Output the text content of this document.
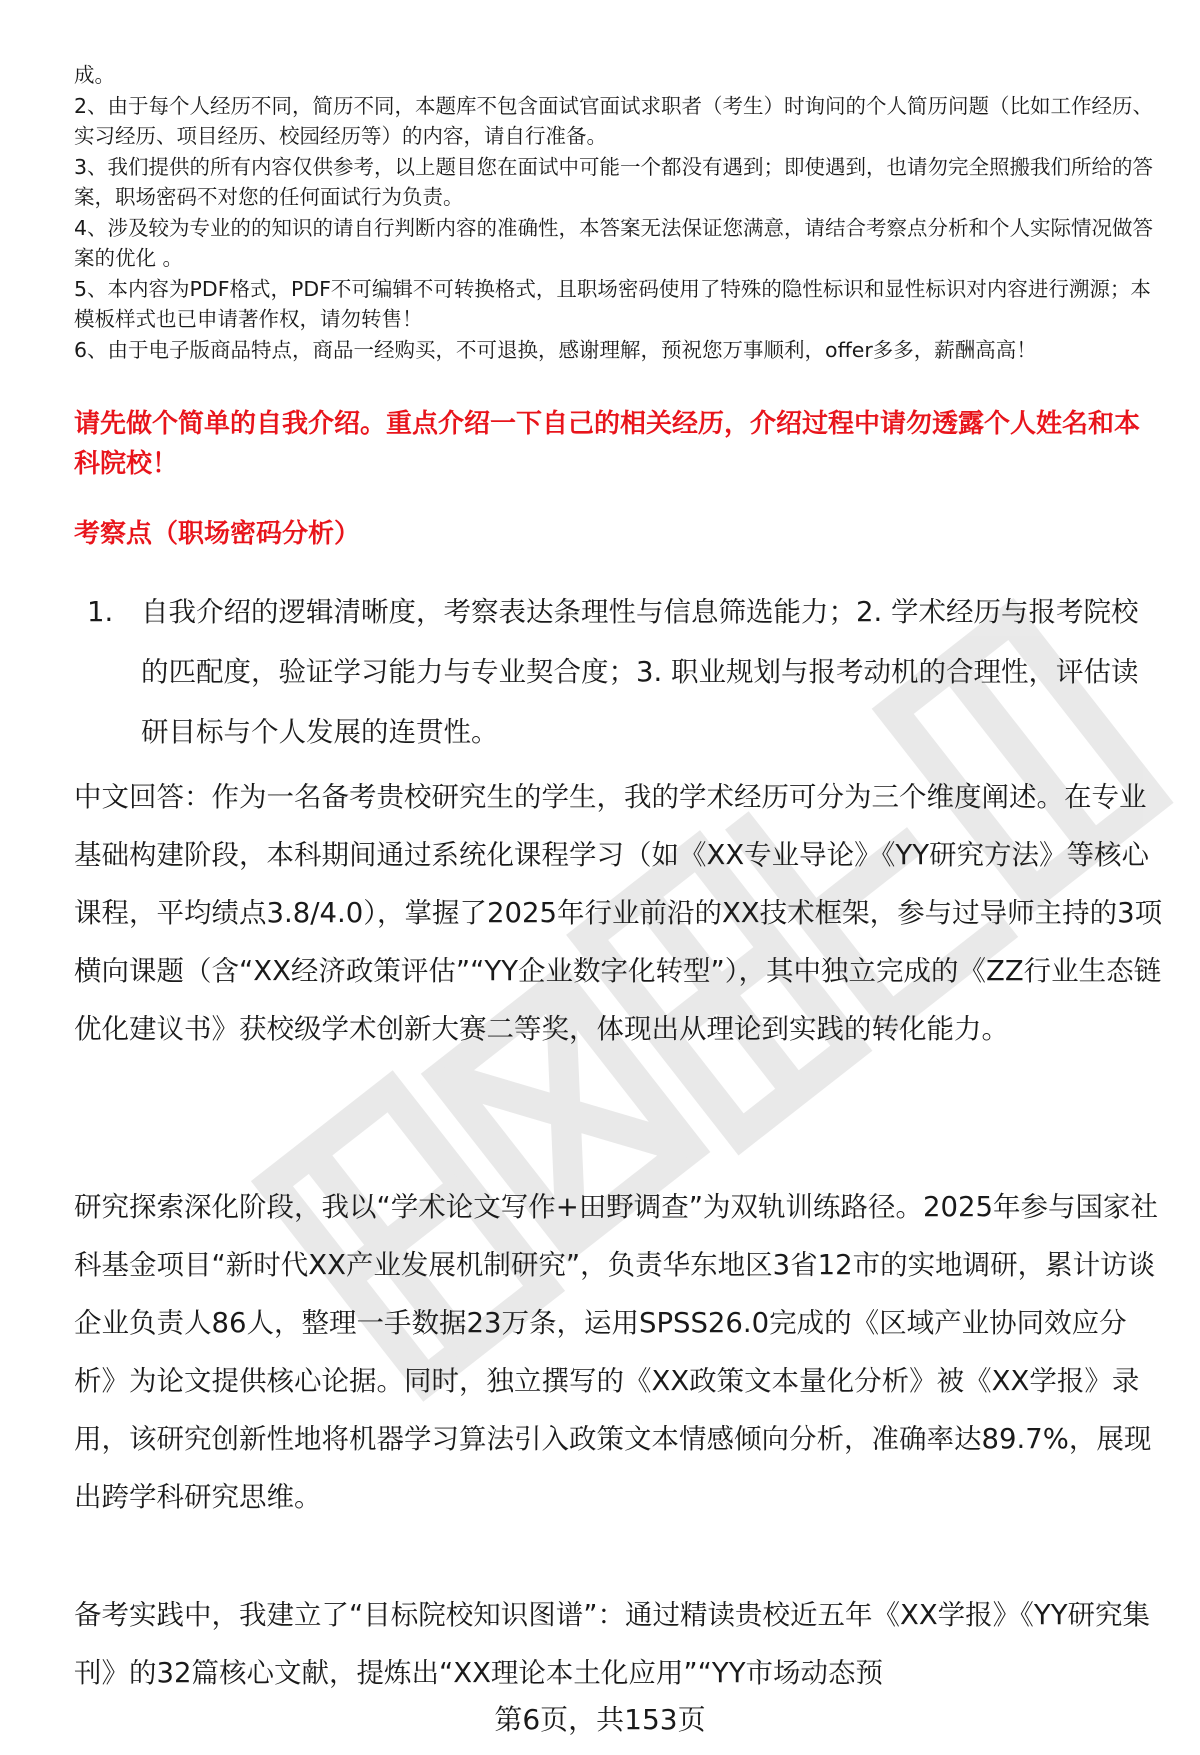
成。

2、由于每个人经历不同，简历不同，本题库不包含面试官面试求职者（考生）时询问的个人简历问题（比如工作经历、实习经历、项目经历、校园经历等）的内容，请自行准备。

3、我们提供的所有内容仅供参考，以上题目您在面试中可能一个都没有遇到；即使遇到，也请勿完全照搬我们所给的答案，职场密码不对您的任何面试行为负责。

4、涉及较为专业的的知识的请自行判断内容的准确性，本答案无法保证您满意，请结合考察点分析和个人实际情况做答案的优化 。

5、本内容为PDF格式，PDF不可编辑不可转换格式，且职场密码使用了特殊的隐性标识和显性标识对内容进行溯源；本模板样式也已申请著作权，请勿转售！

6、由于电子版商品特点，商品一经购买，不可退换，感谢理解，预祝您万事顺利，offer多多，薪酬高高！

请先做个简单的自我介绍。重点介绍一下自己的相关经历，介绍过程中请勿透露个人姓名和本科院校！
考察点（职场密码分析）
1.	自我介绍的逻辑清晰度，考察表达条理性与信息筛选能力；2. 学术经历与报考院校的匹配度，验证学习能力与专业契合度；3. 职业规划与报考动机的合理性，评估读研目标与个人发展的连贯性。

中文回答：作为一名备考贵校研究生的学生，我的学术经历可分为三个维度阐述。在专业基础构建阶段，本科期间通过系统化课程学习（如《XX专业导论》《YY研究方法》等核心课程，平均绩点3.8/4.0），掌握了2025年行业前沿的XX技术框架，参与过导师主持的3项横向课题（含“XX经济政策评估”“YY企业数字化转型”），其中独立完成的《ZZ行业生态链优化建议书》获校级学术创新大赛二等奖，体现出从理论到实践的转化能力。

研究探索深化阶段，我以“学术论文写作+田野调查”为双轨训练路径。2025年参与国家社科基金项目“新时代XX产业发展机制研究”，负责华东地区3省12市的实地调研，累计访谈企业负责人86人，整理一手数据23万条，运用SPSS26.0完成的《区域产业协同效应分析》为论文提供核心论据。同时，独立撰写的《XX政策文本量化分析》被《XX学报》录用，该研究创新性地将机器学习算法引入政策文本情感倾向分析，准确率达89.7%，展现出跨学科研究思维。

备考实践中，我建立了“目标院校知识图谱”：通过精读贵校近五年《XX学报》《YY研究集刊》的32篇核心文献，提炼出“XX理论本土化应用”“YY市场动态预

第6页，共153页
